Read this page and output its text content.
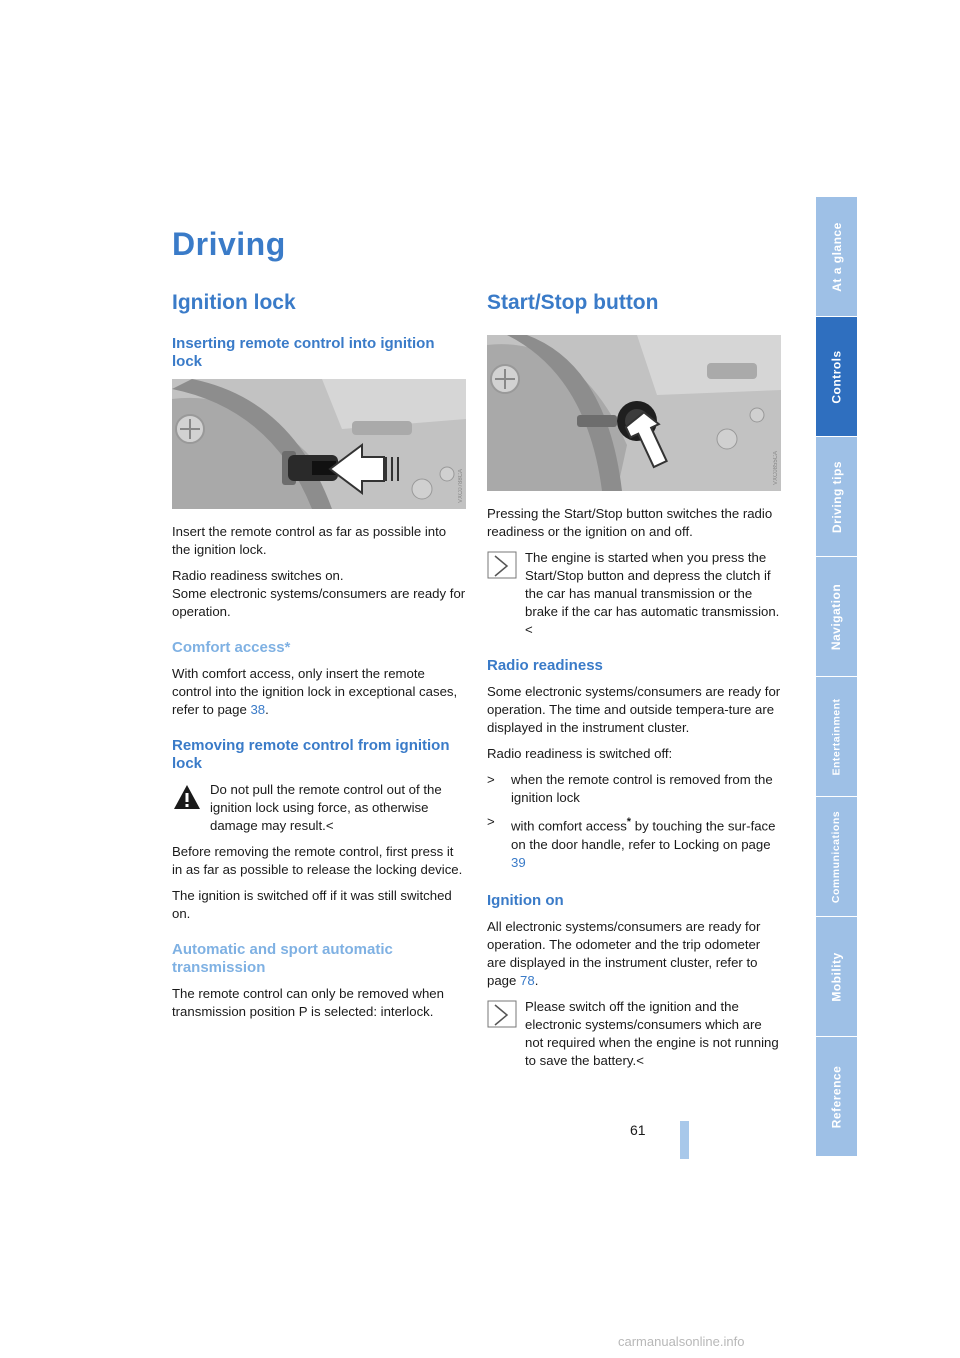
Driving
Ignition lock
Inserting remote control into ignition lock
VXC0788CA

Insert the remote control as far as possible into the ignition lock.

Radio readiness switches on.
Some electronic systems/consumers are ready for operation.

Comfort access*

With comfort access, only insert the remote control into the ignition lock in exceptional cases, refer to page 38.

Removing remote control from ignition lock

Do not pull the remote control out of the ignition lock using force, as otherwise damage may result.<

Before removing the remote control, first press it in as far as possible to release the locking device.

The ignition is switched off if it was still switched on.

Automatic and sport automatic transmission

The remote control can only be removed when transmission position P is selected: interlock.

Start/Stop button
VXC0855CA

Pressing the Start/Stop button switches the radio readiness or the ignition on and off.

The engine is started when you press the Start/Stop button and depress the clutch if the car has manual transmission or the brake if the car has automatic transmission.<

Radio readiness

Some electronic systems/consumers are ready for operation. The time and outside tempera-ture are displayed in the instrument cluster.

Radio readiness is switched off:

>	when the remote control is removed from the ignition lock
>	with comfort access* by touching the sur-face on the door handle, refer to Locking on page 39
Ignition on

All electronic systems/consumers are ready for operation. The odometer and the trip odometer are displayed in the instrument cluster, refer to page 78.

Please switch off the ignition and the electronic systems/consumers which are not required when the engine is not running to save the battery.<

At a glance
Controls
Driving tips
Navigation
Entertainment
Communications
Mobility
Reference
61
carmanualsonline.info
